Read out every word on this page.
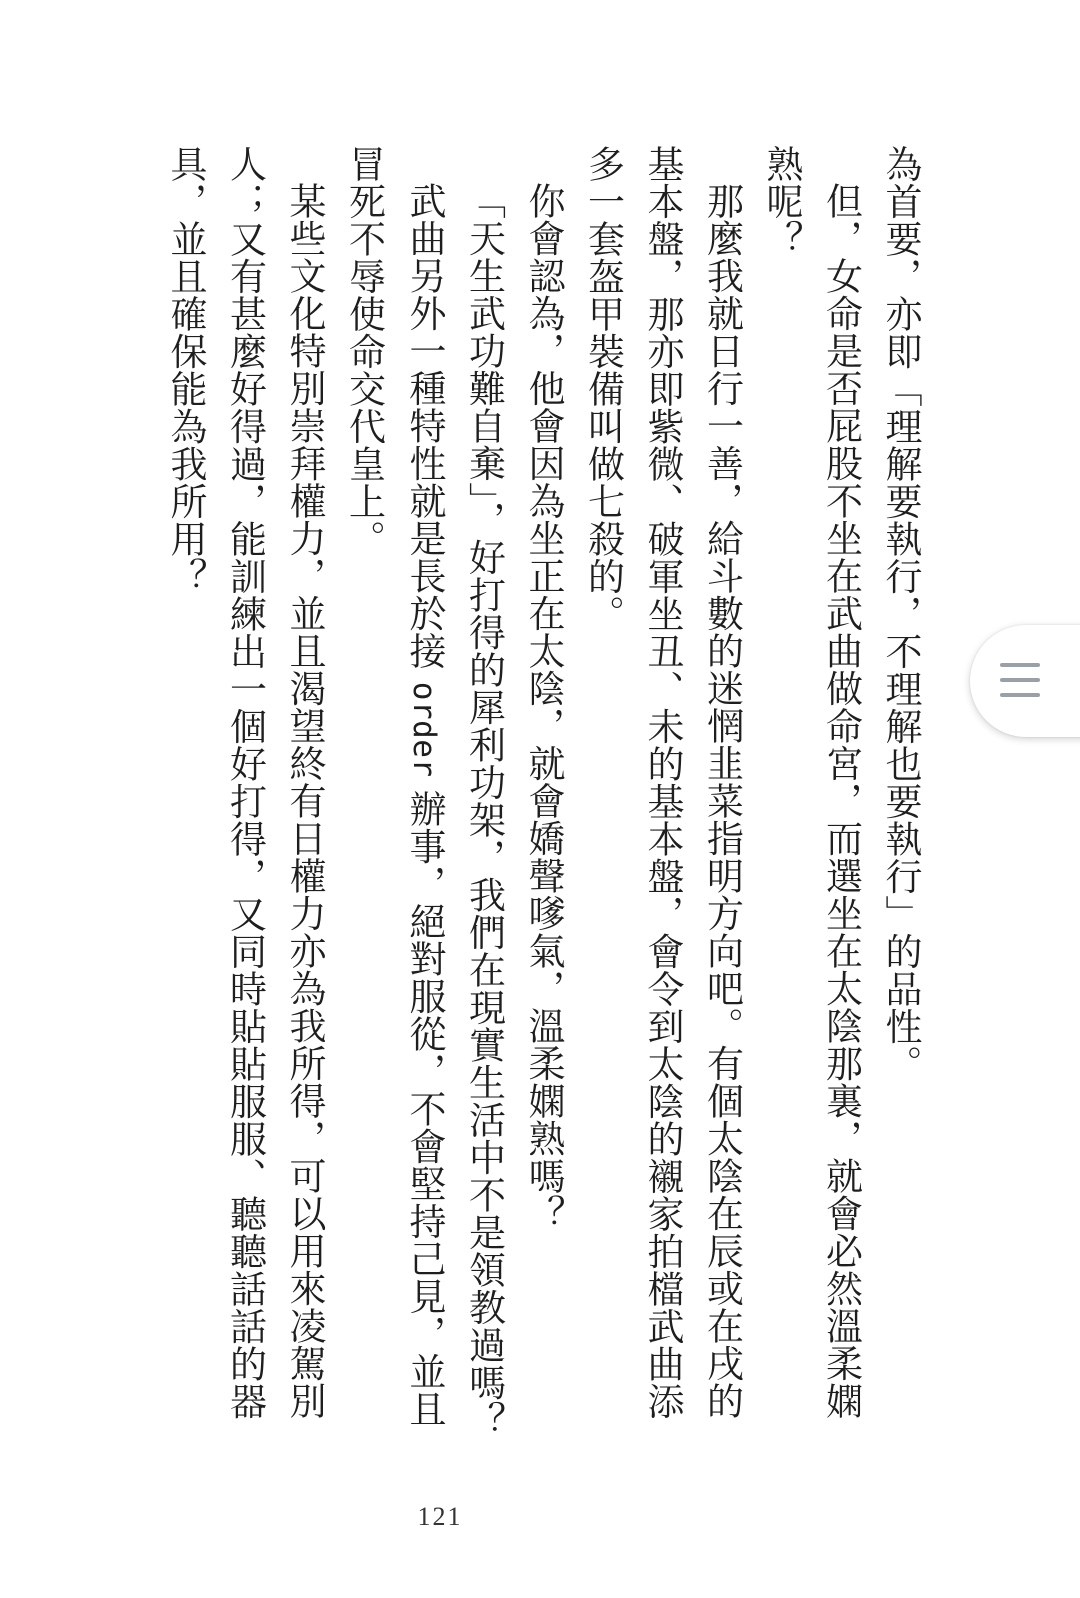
為首要，亦即「理解要執行，不理解也要執行」的品性。

但，女命是否屁股不坐在武曲做命宮，而選坐在太陰那裏，就會必然溫柔嫻熟呢？

那麼我就日行一善，給斗數的迷惘韭菜指明方向吧。有個太陰在辰或在戌的基本盤，那亦即紫微、破軍坐丑、未的基本盤，會令到太陰的襯家拍檔武曲添多一套盔甲裝備叫做七殺的。

你會認為，他會因為坐正在太陰，就會嬌聲嗲氣，溫柔嫻熟嗎？

「天生武功難自棄」，好打得的犀利功架，我們在現實生活中不是領教過嗎？

武曲另外一種特性就是長於接 order 辦事，絕對服從，不會堅持己見，並且冒死不辱使命交代皇上。

某些文化特別崇拜權力，並且渴望終有日權力亦為我所得，可以用來凌駕別人；又有甚麼好得過，能訓練出一個好打得，又同時貼貼服服、聽聽話話的器具，並且確保能為我所用？

121
